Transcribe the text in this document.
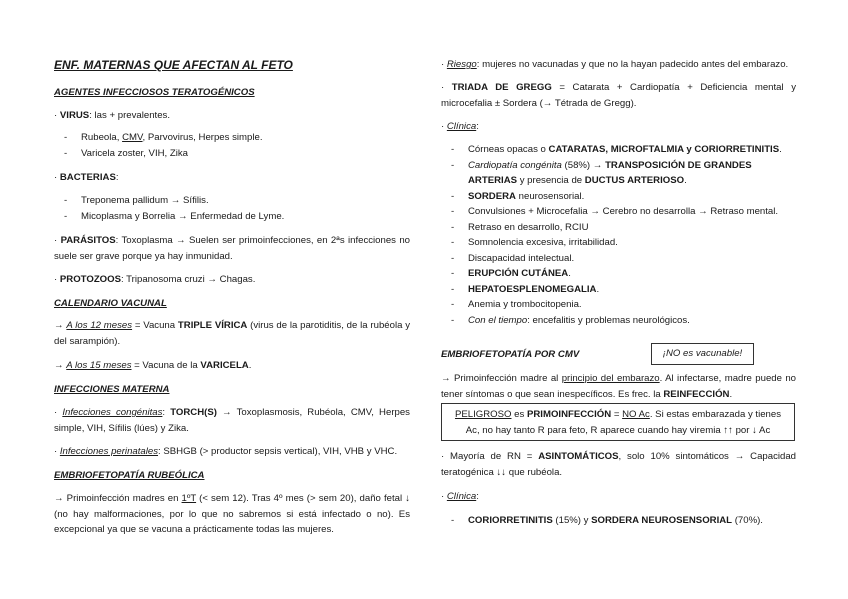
ENF. MATERNAS QUE AFECTAN AL FETO

AGENTES INFECCIOSOS TERATOGÉNICOS

· VIRUS: las + prevalentes.

- Rubeola, CMV, Parvovirus, Herpes simple.
- Varicela zoster, VIH, Zika

· BACTERIAS:

- Treponema pallidum → Sífilis.
- Micoplasma y Borrelia → Enfermedad de Lyme.

· PARÁSITOS: Toxoplasma → Suelen ser primoinfecciones, en 2ªs infecciones no suele ser grave porque ya hay inmunidad.

· PROTOZOOS: Tripanosoma cruzi → Chagas.

CALENDARIO VACUNAL

→ A los 12 meses = Vacuna TRIPLE VÍRICA (virus de la parotiditis, de la rubéola y del sarampión).

→ A los 15 meses = Vacuna de la VARICELA.

INFECCIONES MATERNA

· Infecciones congénitas: TORCH(S) → Toxoplasmosis, Rubéola, CMV, Herpes simple, VIH, Sífilis (lúes) y Zika.

· Infecciones perinatales: SBHGB (> productor sepsis vertical), VIH, VHB y VHC.

EMBRIOFETOPATÍA RUBEÓLICA

→ Primoinfección madres en 1ºT (< sem 12). Tras 4º mes (> sem 20), daño fetal ↓ (no hay malformaciones, por lo que no sabremos si está infectado o no). Es excepcional ya que se vacuna a prácticamente todas las mujeres.

· Riesgo: mujeres no vacunadas y que no la hayan padecido antes del embarazo.

· TRIADA DE GREGG = Catarata + Cardiopatía + Deficiencia mental y microcefalia ± Sordera (→ Tétrada de Gregg).

· Clínica:

- Córneas opacas o CATARATAS, MICROFTALMIA y CORIORRETINITIS.
- Cardiopatía congénita (58%) → TRANSPOSICIÓN DE GRANDES ARTERIAS y presencia de DUCTUS ARTERIOSO.
- SORDERA neurosensorial.
- Convulsiones + Microcefalia → Cerebro no desarrolla → Retraso mental.
- Retraso en desarrollo, RCIU
- Somnolencia excesiva, irritabilidad.
- Discapacidad intelectual.
- ERUPCIÓN CUTÁNEA.
- HEPATOESPLENOMEGALIA.
- Anemia y trombocitopenia.
- Con el tiempo: encefalitis y problemas neurológicos.

EMBRIOFETOPATÍA POR CMV	¡NO es vacunable!

→ Primoinfección madre al principio del embarazo. Al infectarse, madre puede no tener síntomas o que sean inespecíficos. Es frec. la REINFECCIÓN.

PELIGROSO es PRIMOINFECCIÓN = NO Ac. Si estas embarazada y tienes Ac, no hay tanto R para feto, R aparece cuando hay viremia ↑↑ por ↓ Ac

· Mayoría de RN = ASINTOMÁTICOS, solo 10% sintomáticos → Capacidad teratogénica ↓↓ que rubéola.

· Clínica:

- CORIORRETINITIS (15%) y SORDERA NEUROSENSORIAL (70%).
